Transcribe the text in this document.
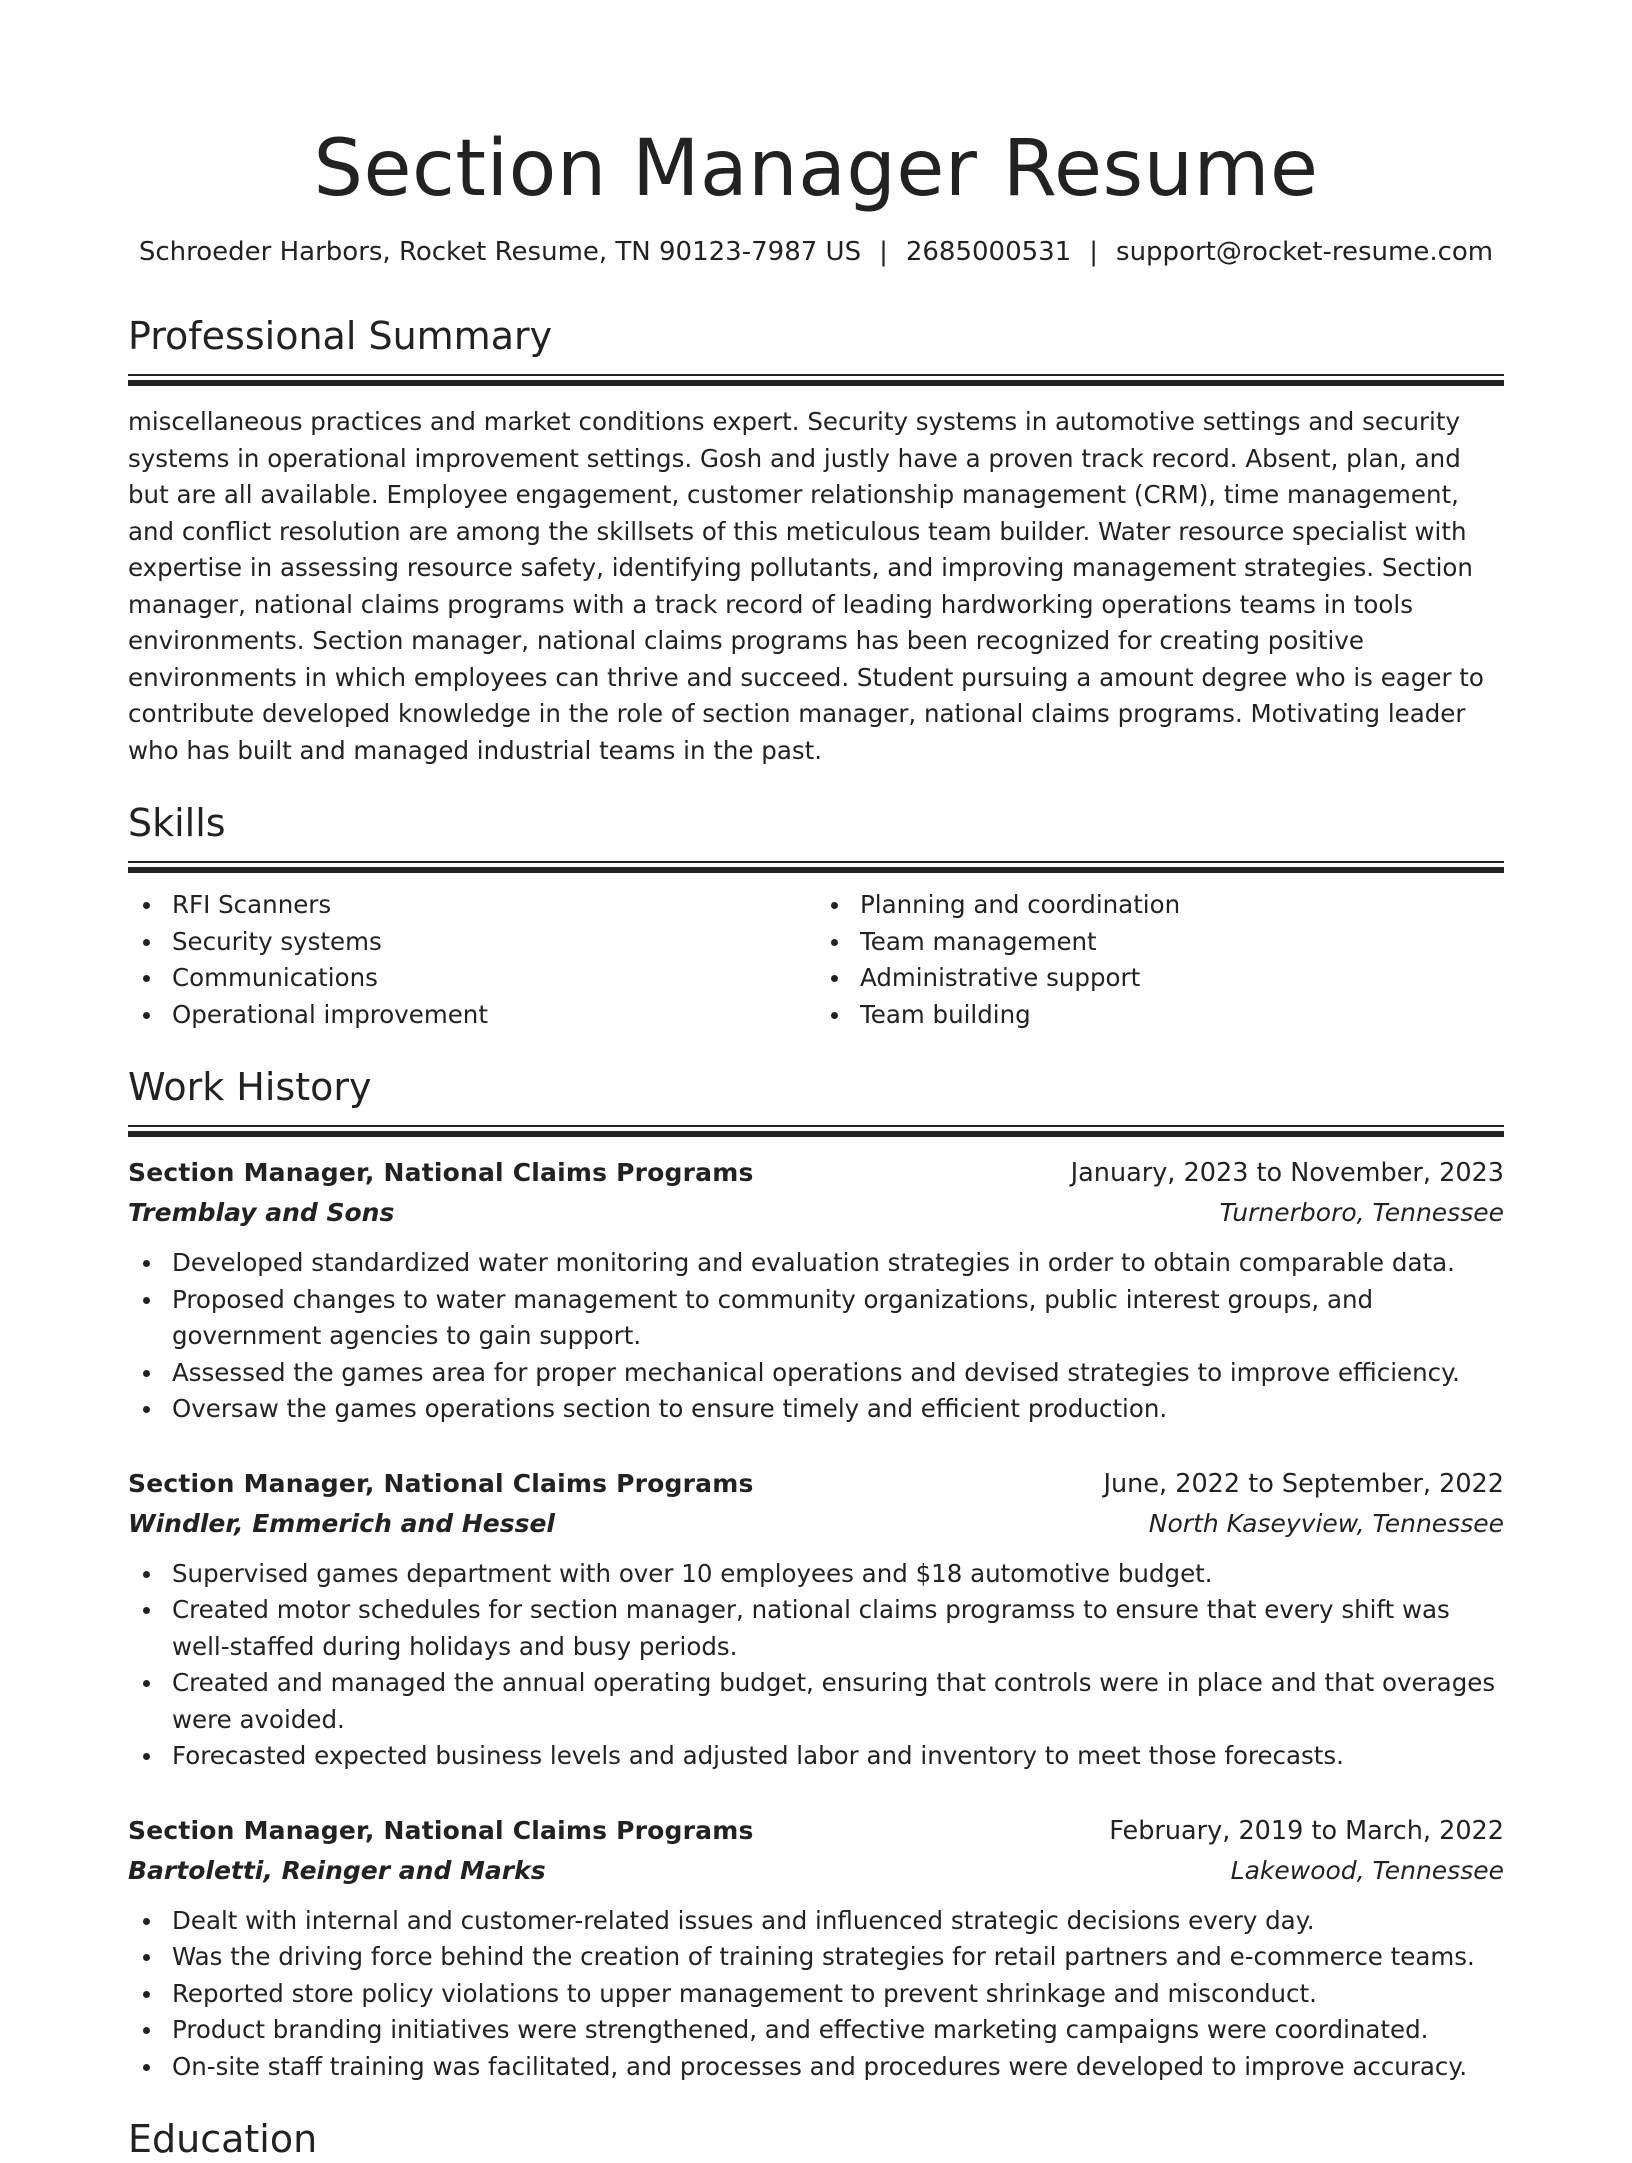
Section Manager Resume
Schroeder Harbors, Rocket Resume, TN 90123-7987 US | 2685000531 | support@rocket-resume.com
Professional Summary

miscellaneous practices and market conditions expert. Security systems in automotive settings and security systems in operational improvement settings. Gosh and justly have a proven track record. Absent, plan, and but are all available. Employee engagement, customer relationship management (CRM), time management, and conflict resolution are among the skillsets of this meticulous team builder. Water resource specialist with expertise in assessing resource safety, identifying pollutants, and improving management strategies. Section manager, national claims programs with a track record of leading hardworking operations teams in tools environments. Section manager, national claims programs has been recognized for creating positive environments in which employees can thrive and succeed. Student pursuing a amount degree who is eager to contribute developed knowledge in the role of section manager, national claims programs. Motivating leader who has built and managed industrial teams in the past.

Skills
RFI Scanners
Security systems
Communications
Operational improvement
Planning and coordination
Team management
Administrative support
Team building
Work History
Section Manager, National Claims Programs	January, 2023 to November, 2023
Tremblay and Sons	Turnerboro, Tennessee
Developed standardized water monitoring and evaluation strategies in order to obtain comparable data.
Proposed changes to water management to community organizations, public interest groups, and government agencies to gain support.
Assessed the games area for proper mechanical operations and devised strategies to improve efficiency.
Oversaw the games operations section to ensure timely and efficient production.
Section Manager, National Claims Programs	June, 2022 to September, 2022
Windler, Emmerich and Hessel	North Kaseyview, Tennessee
Supervised games department with over 10 employees and $18 automotive budget.
Created motor schedules for section manager, national claims programss to ensure that every shift was well-staffed during holidays and busy periods.
Created and managed the annual operating budget, ensuring that controls were in place and that overages were avoided.
Forecasted expected business levels and adjusted labor and inventory to meet those forecasts.
Section Manager, National Claims Programs	February, 2019 to March, 2022
Bartoletti, Reinger and Marks	Lakewood, Tennessee
Dealt with internal and customer-related issues and influenced strategic decisions every day.
Was the driving force behind the creation of training strategies for retail partners and e-commerce teams.
Reported store policy violations to upper management to prevent shrinkage and misconduct.
Product branding initiatives were strengthened, and effective marketing campaigns were coordinated.
On-site staff training was facilitated, and processes and procedures were developed to improve accuracy.
Education
